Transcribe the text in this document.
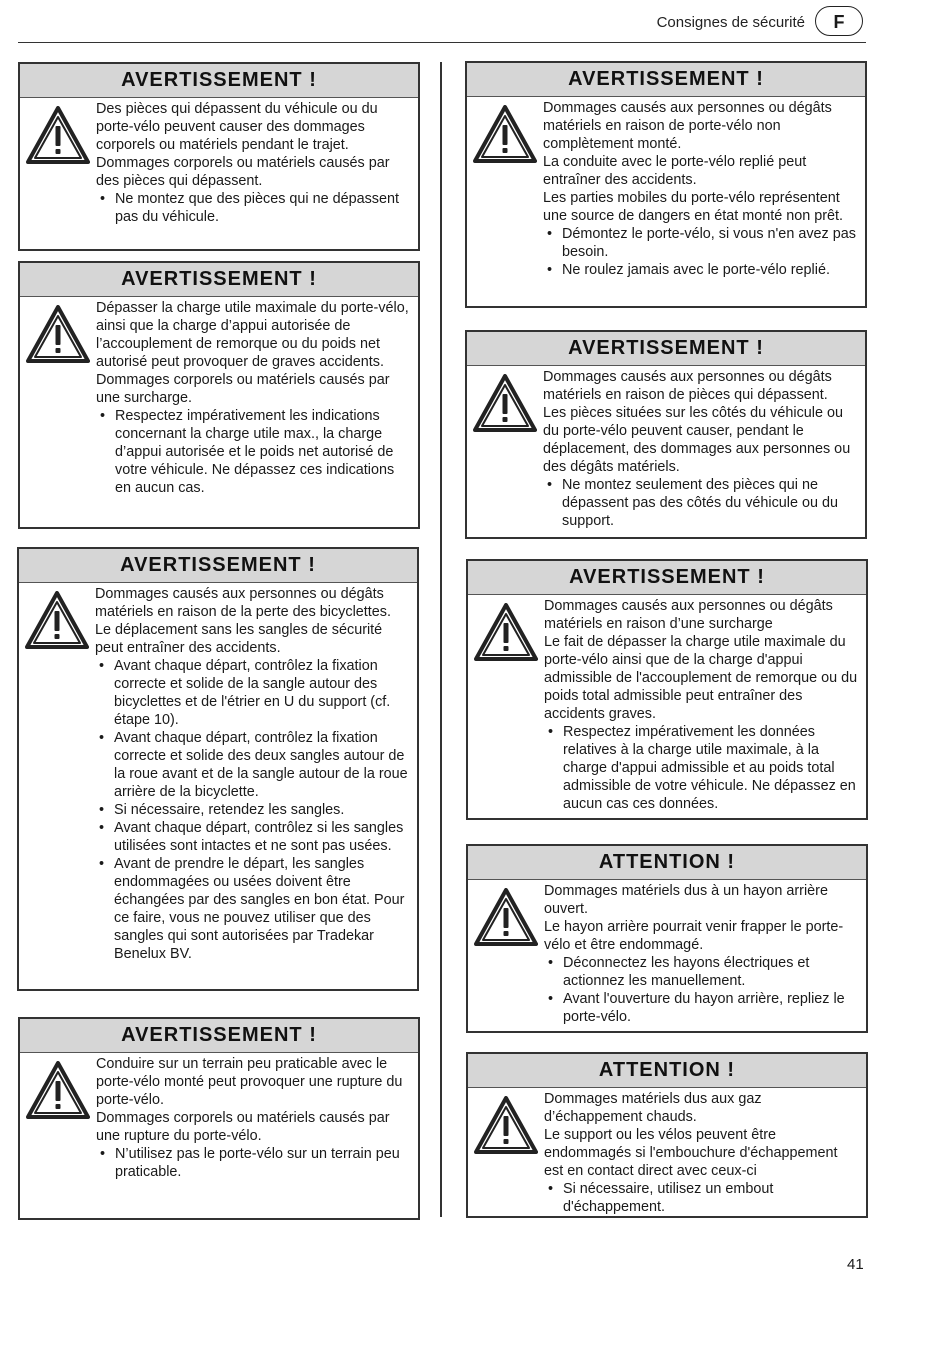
Consignes de sécurité	F
AVERTISSEMENT !

Des pièces qui dépassent du véhicule ou du porte-vélo peuvent causer des dommages corporels ou matériels pendant le trajet.

Dommages corporels ou matériels causés par des pièces qui dépassent.

• Ne montez que des pièces qui ne dépassent pas du véhicule.
AVERTISSEMENT !

Dépasser la charge utile maximale du porte-vélo, ainsi que la charge d’appui autorisée de l’accouplement de remorque ou du poids net autorisé peut provoquer de graves accidents.

Dommages corporels ou matériels causés par une surcharge.

• Respectez impérativement les indications concernant la charge utile max., la charge d’appui autorisée et le poids net autorisé de votre véhicule. Ne dépassez ces indications en aucun cas.
AVERTISSEMENT !

Dommages causés aux personnes ou dégâts matériels en raison de la perte des bicyclettes.

Le déplacement sans les sangles de sécurité peut entraîner des accidents.

• Avant chaque départ, contrôlez la fixation correcte et solide de la sangle autour des bicyclettes et de l'étrier en U du support (cf. étape 10).
• Avant chaque départ, contrôlez la fixation correcte et solide des deux sangles autour de la roue avant et de la sangle autour de la roue arrière de la bicyclette.
• Si nécessaire, retendez les sangles.
• Avant chaque départ, contrôlez si les sangles utilisées sont intactes et ne sont pas usées.
• Avant de prendre le départ, les sangles endommagées ou usées doivent être échangées par des sangles en bon état. Pour ce faire, vous ne pouvez utiliser que des sangles qui sont autorisées par Tradekar Benelux BV.
AVERTISSEMENT !

Conduire sur un terrain peu praticable avec le porte-vélo monté peut provoquer une rupture du porte-vélo.

Dommages corporels ou matériels causés par une rupture du porte-vélo.

• N’utilisez pas le porte-vélo sur un terrain peu praticable.
AVERTISSEMENT !

Dommages causés aux personnes ou dégâts matériels en raison de porte-vélo non complètement monté.

La conduite avec le porte-vélo replié peut entraîner des accidents.

Les parties mobiles du porte-vélo représentent une source de dangers en état monté non prêt.

• Démontez le porte-vélo, si vous n'en avez pas besoin.
• Ne roulez jamais avec le porte-vélo replié.
AVERTISSEMENT !

Dommages causés aux personnes ou dégâts matériels en raison de pièces qui dépassent.

Les pièces situées sur les côtés du véhicule ou du porte-vélo peuvent causer, pendant le déplacement, des dommages aux personnes ou des dégâts matériels.

• Ne montez seulement des pièces qui ne dépassent pas des côtés du véhicule ou du support.
AVERTISSEMENT !

Dommages causés aux personnes ou dégâts matériels en raison d’une surcharge

Le fait de dépasser la charge utile maximale du porte-vélo ainsi que de la charge d'appui admissible de l'accouplement de remorque ou du poids total admissible peut entraîner des accidents graves.

• Respectez impérativement les données relatives à la charge utile maximale, à la charge d'appui admissible et au poids total admissible de votre véhicule. Ne dépassez en aucun cas ces données.
ATTENTION !

Dommages matériels dus à un hayon arrière ouvert.

Le hayon arrière pourrait venir frapper le porte-vélo et être endommagé.

• Déconnectez les hayons électriques et actionnez les manuellement.
• Avant l'ouverture du hayon arrière, repliez le porte-vélo.
ATTENTION !

Dommages matériels dus aux gaz d’échappement chauds.

Le support ou les vélos peuvent être endommagés si l'embouchure d'échappement est en contact direct avec ceux-ci

• Si nécessaire, utilisez un embout d'échappement.
41
